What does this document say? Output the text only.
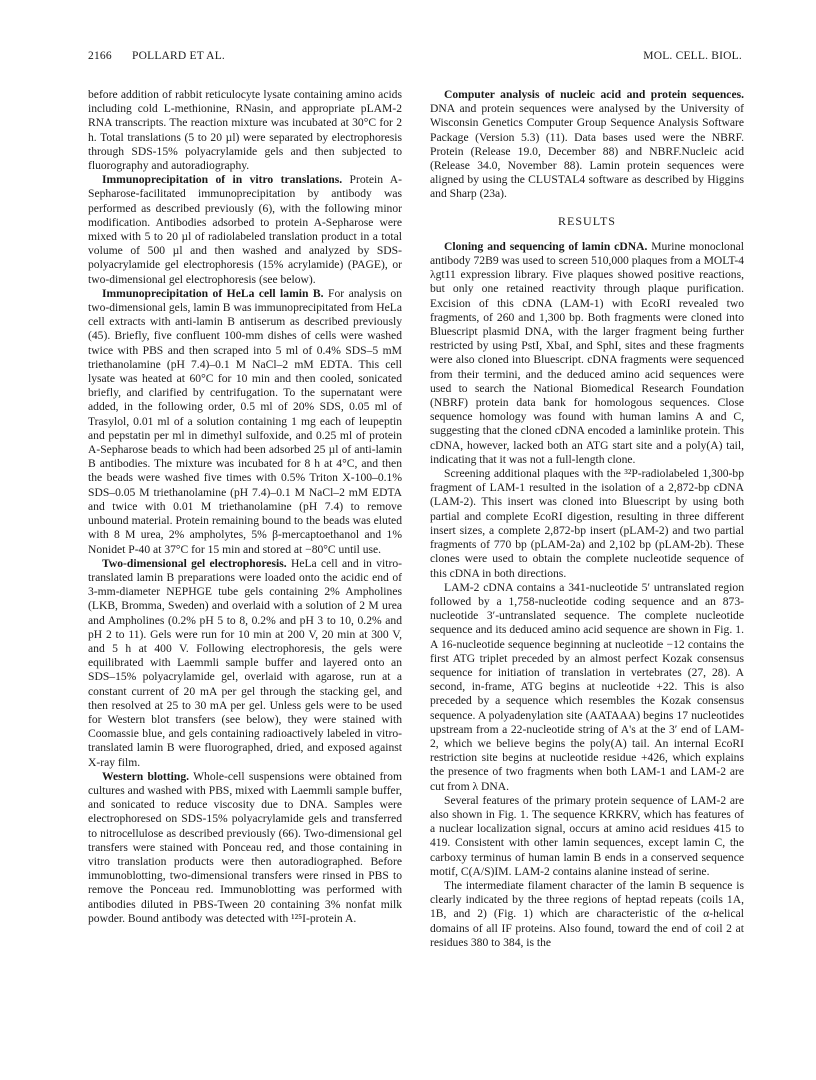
2166 POLLARD ET AL.	MOL. CELL. BIOL.

before addition of rabbit reticulocyte lysate containing amino acids including cold L-methionine, RNasin, and appropriate pLAM-2 RNA transcripts. The reaction mixture was incubated at 30°C for 2 h. Total translations (5 to 20 µl) were separated by electrophoresis through SDS-15% polyacrylamide gels and then subjected to fluorography and autoradiography.

Immunoprecipitation of in vitro translations. Protein A-Sepharose-facilitated immunoprecipitation by antibody was performed as described previously (6), with the following minor modification. Antibodies adsorbed to protein A-Sepharose were mixed with 5 to 20 µl of radiolabeled translation product in a total volume of 500 µl and then washed and analyzed by SDS-polyacrylamide gel electrophoresis (15% acrylamide) (PAGE), or two-dimensional gel electrophoresis (see below).

Immunoprecipitation of HeLa cell lamin B. For analysis on two-dimensional gels, lamin B was immunoprecipitated from HeLa cell extracts with anti-lamin B antiserum as described previously (45). Briefly, five confluent 100-mm dishes of cells were washed twice with PBS and then scraped into 5 ml of 0.4% SDS–5 mM triethanolamine (pH 7.4)–0.1 M NaCl–2 mM EDTA. This cell lysate was heated at 60°C for 10 min and then cooled, sonicated briefly, and clarified by centrifugation. To the supernatant were added, in the following order, 0.5 ml of 20% SDS, 0.05 ml of Trasylol, 0.01 ml of a solution containing 1 mg each of leupeptin and pepstatin per ml in dimethyl sulfoxide, and 0.25 ml of protein A-Sepharose beads to which had been adsorbed 25 µl of anti-lamin B antibodies. The mixture was incubated for 8 h at 4°C, and then the beads were washed five times with 0.5% Triton X-100–0.1% SDS–0.05 M triethanolamine (pH 7.4)–0.1 M NaCl–2 mM EDTA and twice with 0.01 M triethanolamine (pH 7.4) to remove unbound material. Protein remaining bound to the beads was eluted with 8 M urea, 2% ampholytes, 5% β-mercaptoethanol and 1% Nonidet P-40 at 37°C for 15 min and stored at −80°C until use.

Two-dimensional gel electrophoresis. HeLa cell and in vitro-translated lamin B preparations were loaded onto the acidic end of 3-mm-diameter NEPHGE tube gels containing 2% Ampholines (LKB, Bromma, Sweden) and overlaid with a solution of 2 M urea and Ampholines (0.2% pH 5 to 8, 0.2% and pH 3 to 10, 0.2% and pH 2 to 11). Gels were run for 10 min at 200 V, 20 min at 300 V, and 5 h at 400 V. Following electrophoresis, the gels were equilibrated with Laemmli sample buffer and layered onto an SDS–15% polyacrylamide gel, overlaid with agarose, run at a constant current of 20 mA per gel through the stacking gel, and then resolved at 25 to 30 mA per gel. Unless gels were to be used for Western blot transfers (see below), they were stained with Coomassie blue, and gels containing radioactively labeled in vitro-translated lamin B were fluorographed, dried, and exposed against X-ray film.

Western blotting. Whole-cell suspensions were obtained from cultures and washed with PBS, mixed with Laemmli sample buffer, and sonicated to reduce viscosity due to DNA. Samples were electrophoresed on SDS-15% polyacrylamide gels and transferred to nitrocellulose as described previously (66). Two-dimensional gel transfers were stained with Ponceau red, and those containing in vitro translation products were then autoradiographed. Before immunoblotting, two-dimensional transfers were rinsed in PBS to remove the Ponceau red. Immunoblotting was performed with antibodies diluted in PBS-Tween 20 containing 3% nonfat milk powder. Bound antibody was detected with ¹²⁵I-protein A.

Computer analysis of nucleic acid and protein sequences. DNA and protein sequences were analysed by the University of Wisconsin Genetics Computer Group Sequence Analysis Software Package (Version 5.3) (11). Data bases used were the NBRF. Protein (Release 19.0, December 88) and NBRF.Nucleic acid (Release 34.0, November 88). Lamin protein sequences were aligned by using the CLUSTAL4 software as described by Higgins and Sharp (23a).

RESULTS

Cloning and sequencing of lamin cDNA. Murine monoclonal antibody 72B9 was used to screen 510,000 plaques from a MOLT-4 λgt11 expression library. Five plaques showed positive reactions, but only one retained reactivity through plaque purification. Excision of this cDNA (LAM-1) with EcoRI revealed two fragments, of 260 and 1,300 bp. Both fragments were cloned into Bluescript plasmid DNA, with the larger fragment being further restricted by using PstI, XbaI, and SphI, sites and these fragments were also cloned into Bluescript. cDNA fragments were sequenced from their termini, and the deduced amino acid sequences were used to search the National Biomedical Research Foundation (NBRF) protein data bank for homologous sequences. Close sequence homology was found with human lamins A and C, suggesting that the cloned cDNA encoded a laminlike protein. This cDNA, however, lacked both an ATG start site and a poly(A) tail, indicating that it was not a full-length clone.

Screening additional plaques with the ³²P-radiolabeled 1,300-bp fragment of LAM-1 resulted in the isolation of a 2,872-bp cDNA (LAM-2). This insert was cloned into Bluescript by using both partial and complete EcoRI digestion, resulting in three different insert sizes, a complete 2,872-bp insert (pLAM-2) and two partial fragments of 770 bp (pLAM-2a) and 2,102 bp (pLAM-2b). These clones were used to obtain the complete nucleotide sequence of this cDNA in both directions.

LAM-2 cDNA contains a 341-nucleotide 5′ untranslated region followed by a 1,758-nucleotide coding sequence and an 873-nucleotide 3′-untranslated sequence. The complete nucleotide sequence and its deduced amino acid sequence are shown in Fig. 1. A 16-nucleotide sequence beginning at nucleotide −12 contains the first ATG triplet preceded by an almost perfect Kozak consensus sequence for initiation of translation in vertebrates (27, 28). A second, in-frame, ATG begins at nucleotide +22. This is also preceded by a sequence which resembles the Kozak consensus sequence. A polyadenylation site (AATAAA) begins 17 nucleotides upstream from a 22-nucleotide string of A's at the 3′ end of LAM-2, which we believe begins the poly(A) tail. An internal EcoRI restriction site begins at nucleotide residue +426, which explains the presence of two fragments when both LAM-1 and LAM-2 are cut from λ DNA.

Several features of the primary protein sequence of LAM-2 are also shown in Fig. 1. The sequence KRKRV, which has features of a nuclear localization signal, occurs at amino acid residues 415 to 419. Consistent with other lamin sequences, except lamin C, the carboxy terminus of human lamin B ends in a conserved sequence motif, C(A/S)IM. LAM-2 contains alanine instead of serine.

The intermediate filament character of the lamin B sequence is clearly indicated by the three regions of heptad repeats (coils 1A, 1B, and 2) (Fig. 1) which are characteristic of the α-helical domains of all IF proteins. Also found, toward the end of coil 2 at residues 380 to 384, is the
